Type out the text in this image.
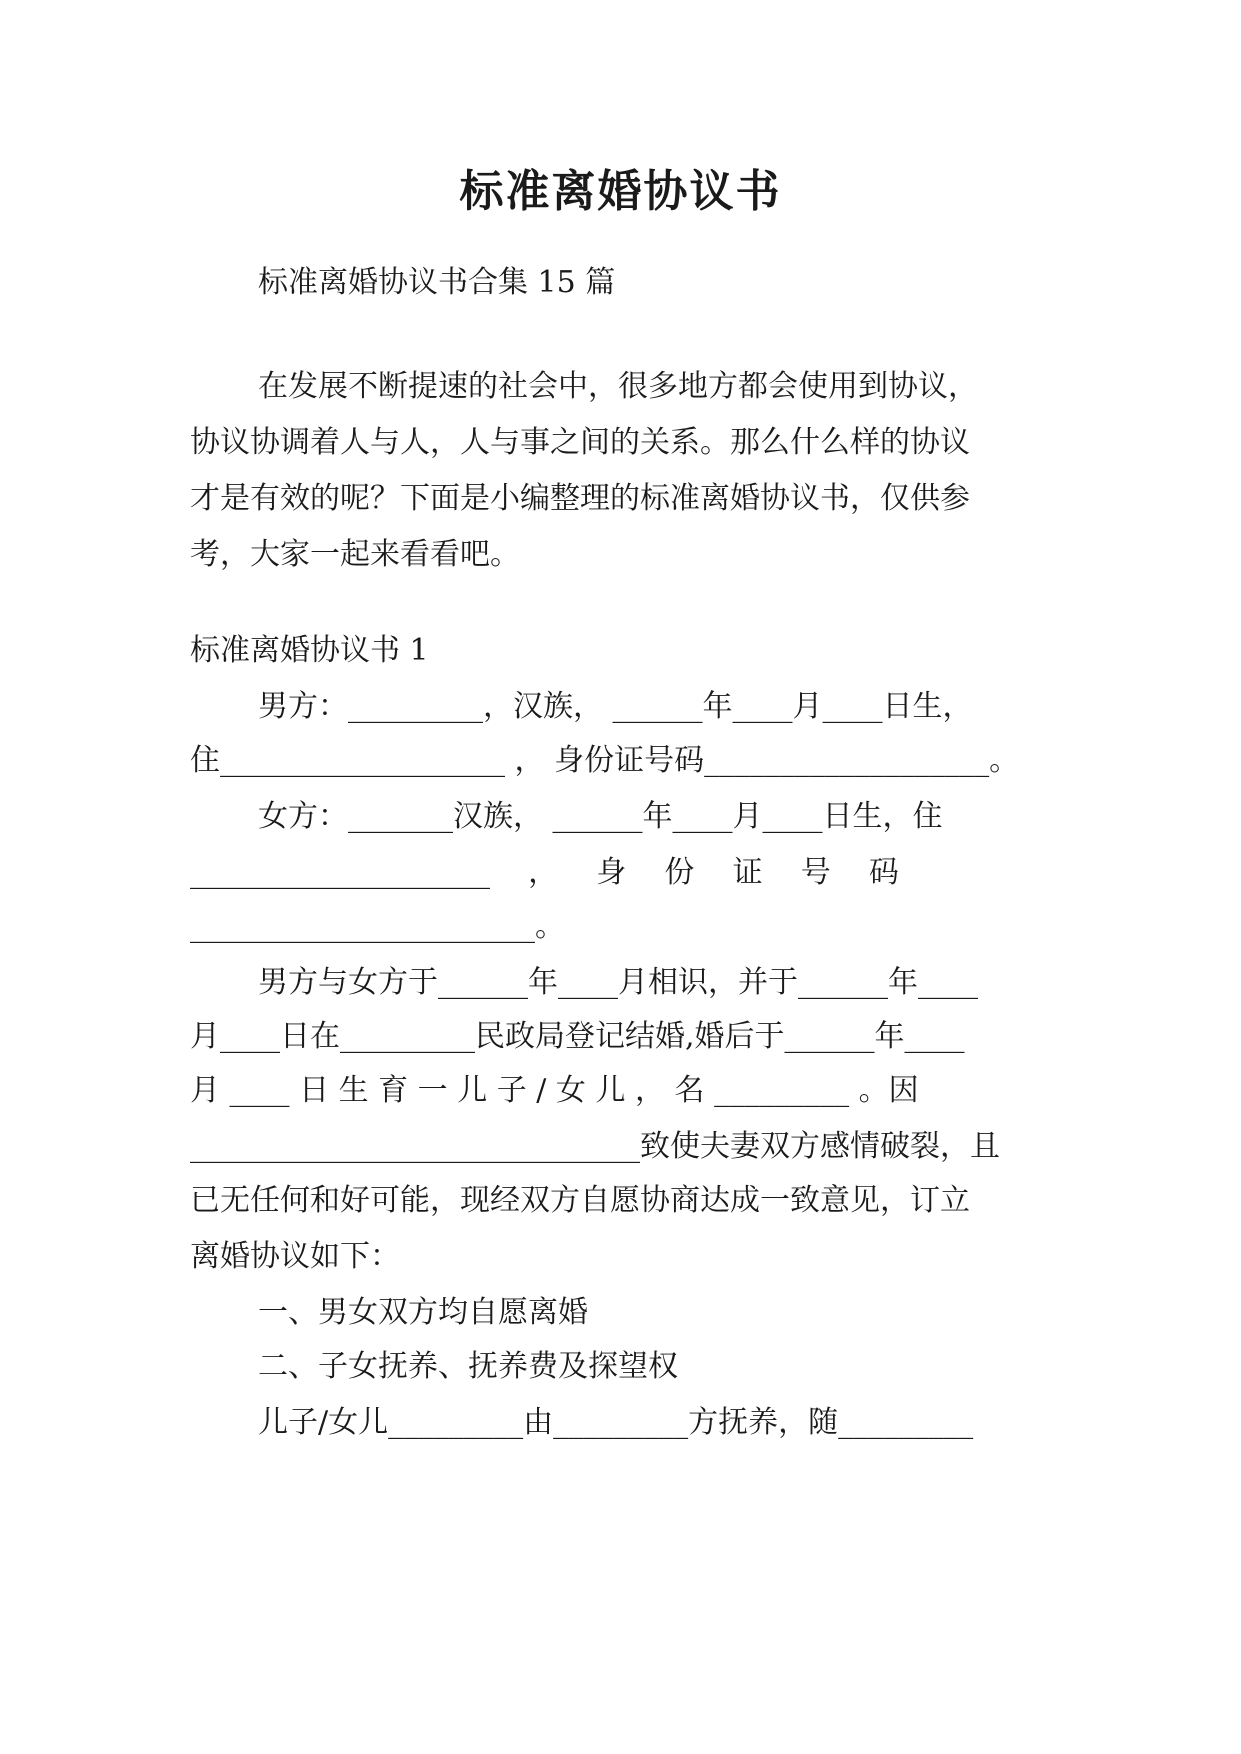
标准离婚协议书

标准离婚协议书合集 15 篇

在发展不断提速的社会中，很多地方都会使用到协议，

协议协调着人与人，人与事之间的关系。那么什么样的协议

才是有效的呢？下面是小编整理的标准离婚协议书，仅供参

考，大家一起来看看吧。

标准离婚协议书 1

男方：_________，汉族， ______年____月____日生，

住___________________ ， 身份证号码___________________。

女方：_______汉族， ______年____月____日生，住

____________________    ，    身    份    证    号    码

_______________________。

男方与女方于______年____月相识，并于______年____

月____日在_________民政局登记结婚,婚后于______年____

月 ____ 日 生 育 一 儿 子 / 女 儿 ， 名 _________ 。因

______________________________致使夫妻双方感情破裂，且

已无任何和好可能，现经双方自愿协商达成一致意见，订立

离婚协议如下：

一、男女双方均自愿离婚

二、子女抚养、抚养费及探望权

儿子/女儿_________由_________方抚养，随_________
